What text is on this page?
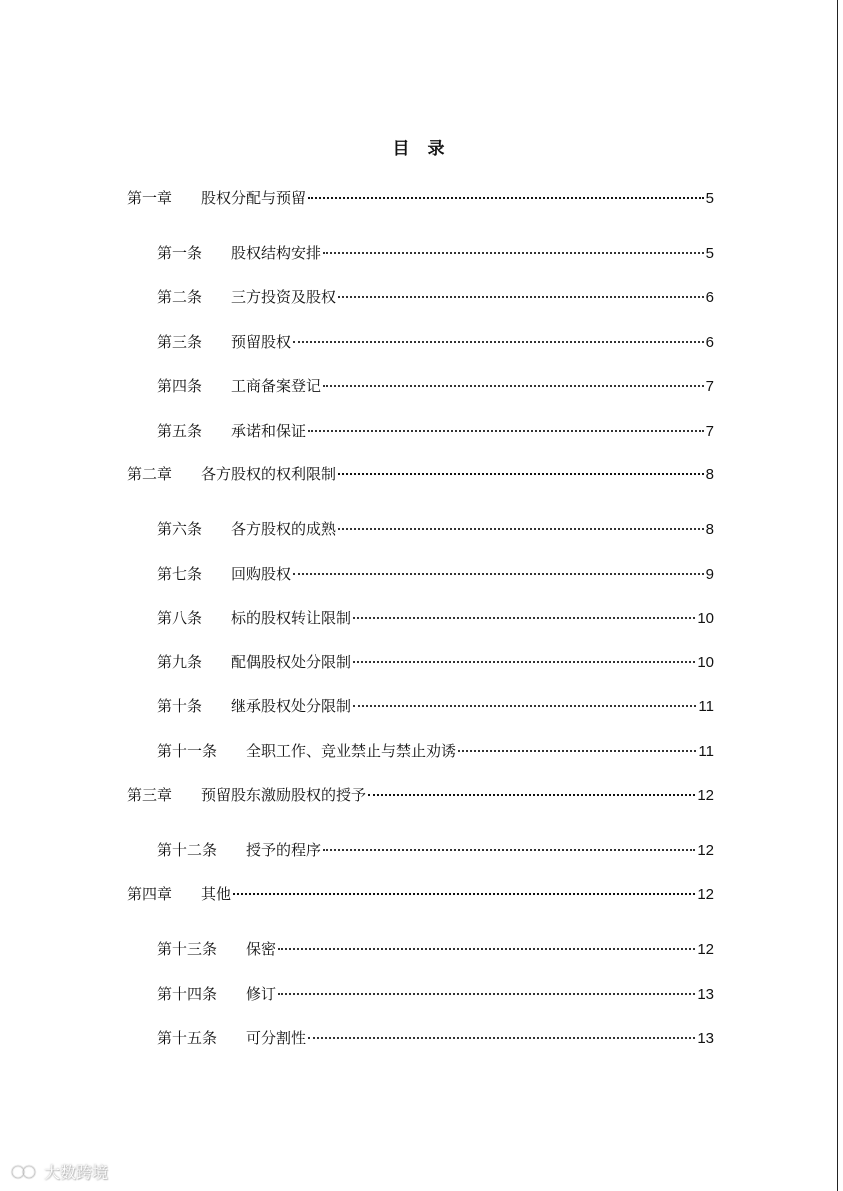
目 录
第一章	股权分配与预留	5
第一条	股权结构安排	5
第二条	三方投资及股权	6
第三条	预留股权	6
第四条	工商备案登记	7
第五条	承诺和保证	7
第二章	各方股权的权利限制	8
第六条	各方股权的成熟	8
第七条	回购股权	9
第八条	标的股权转让限制	10
第九条	配偶股权处分限制	10
第十条	继承股权处分限制	11
第十一条	全职工作、竞业禁止与禁止劝诱	11
第三章	预留股东激励股权的授予	12
第十二条	授予的程序	12
第四章	其他	12
第十三条	保密	12
第十四条	修订	13
第十五条	可分割性	13
大数跨境
